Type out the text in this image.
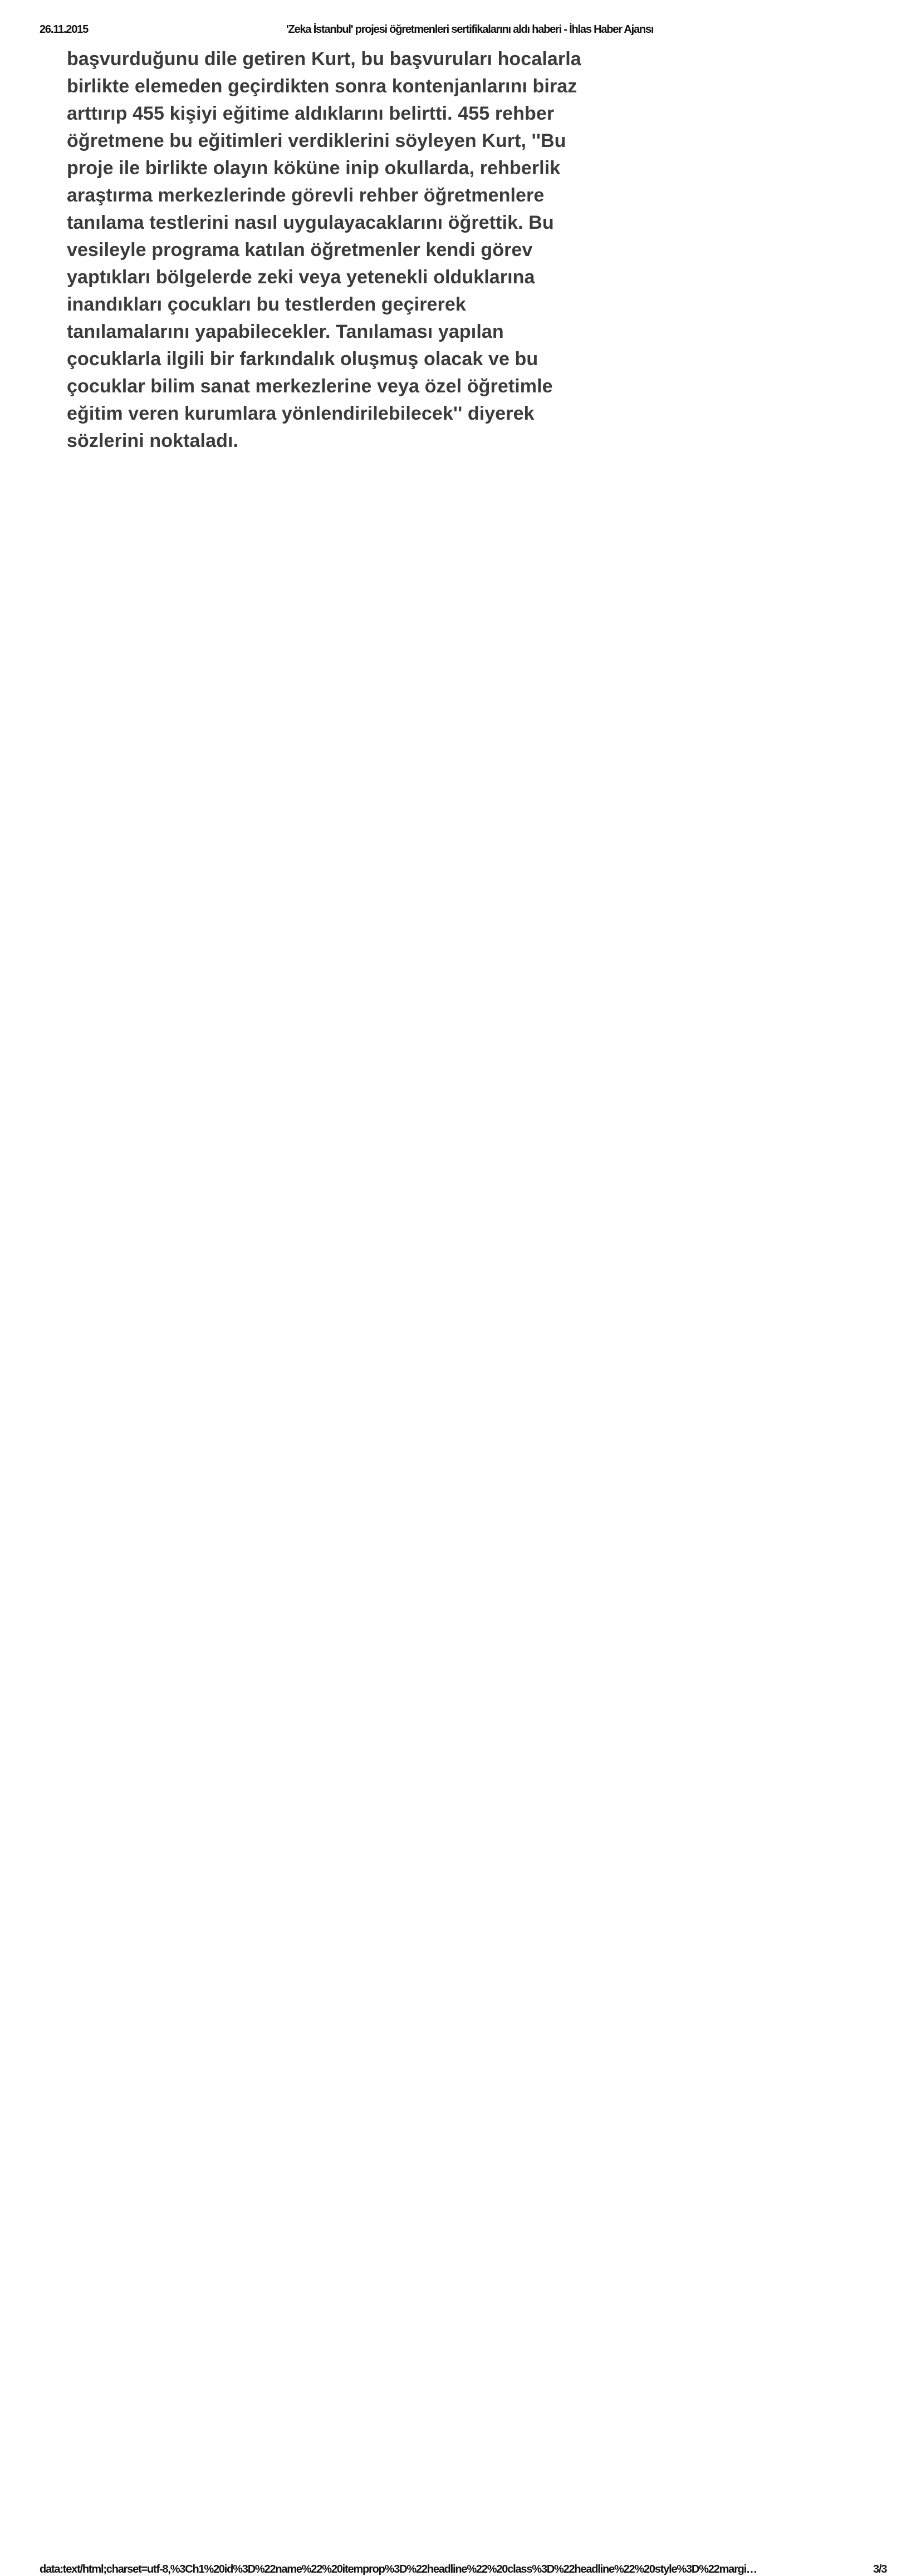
26.11.2015	'Zeka İstanbul' projesi öğretmenleri sertifikalarını aldı haberi - İhlas Haber Ajansı
başvurduğunu dile getiren Kurt, bu başvuruları hocalarla
birlikte elemeden geçirdikten sonra kontenjanlarını biraz
arttırıp 455 kişiyi eğitime aldıklarını belirtti. 455 rehber
öğretmene bu eğitimleri verdiklerini söyleyen Kurt, ''Bu
proje ile birlikte olayın köküne inip okullarda, rehberlik
araştırma merkezlerinde görevli rehber öğretmenlere
tanılama testlerini nasıl uygulayacaklarını öğrettik. Bu
vesileyle programa katılan öğretmenler kendi görev
yaptıkları bölgelerde zeki veya yetenekli olduklarına
inandıkları çocukları bu testlerden geçirerek
tanılamalarını yapabilecekler. Tanılaması yapılan
çocuklarla ilgili bir farkındalık oluşmuş olacak ve bu
çocuklar bilim sanat merkezlerine veya özel öğretimle
eğitim veren kurumlara yönlendirilebilecek'' diyerek
sözlerini noktaladı.
data:text/html;charset=utf-8,%3Ch1%20id%3D%22name%22%20itemprop%3D%22headline%22%20class%3D%22headline%22%20style%3D%22margi…	3/3
